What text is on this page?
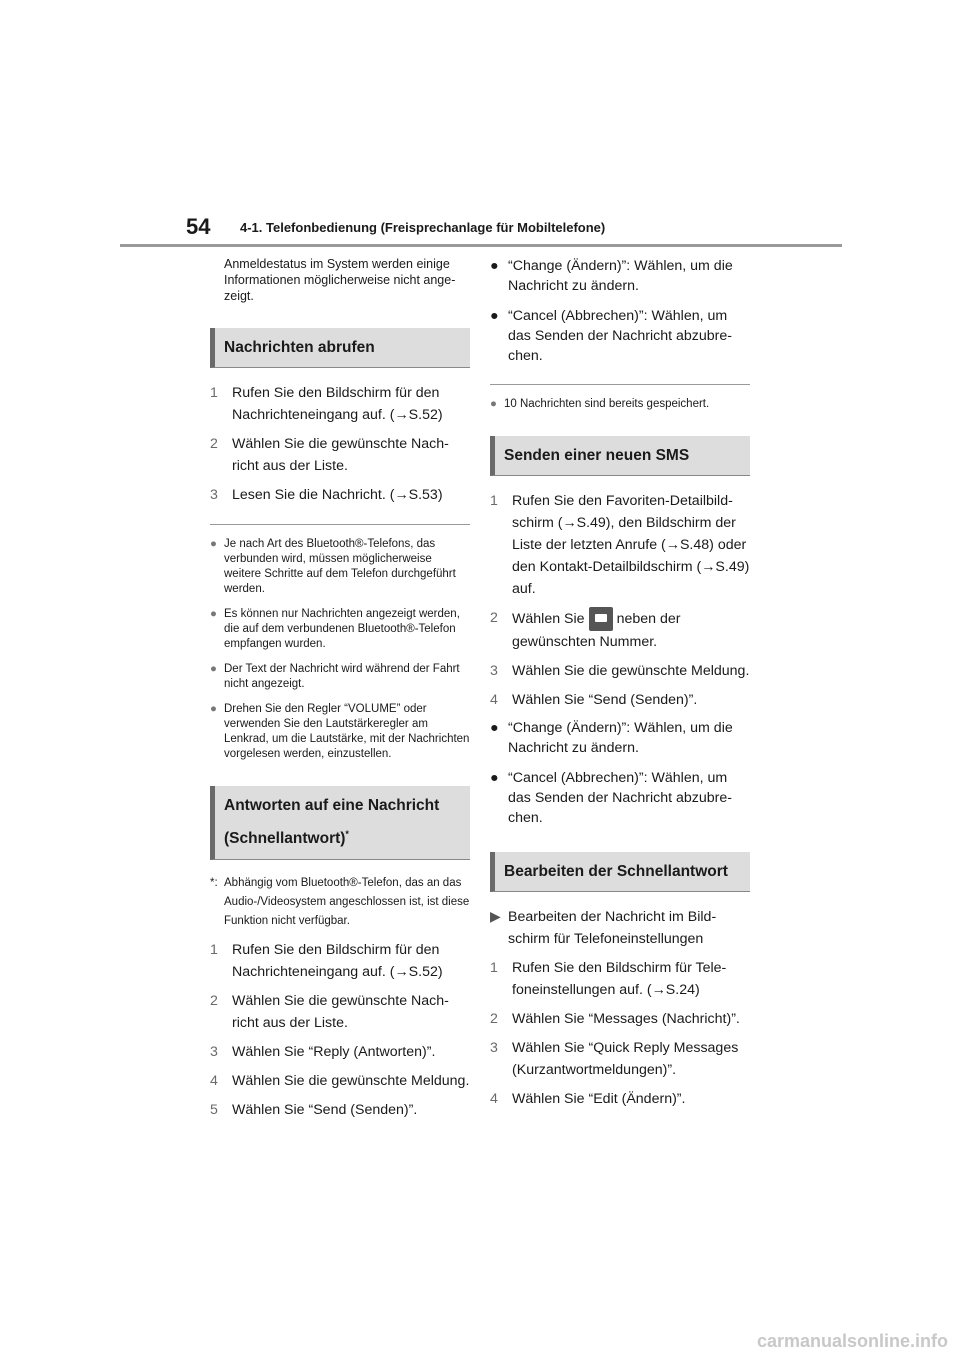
54 4-1. Telefonbedienung (Freisprechanlage für Mobiltelefone)

Anmeldestatus im System werden einige Informationen möglicherweise nicht angezeigt.

Nachrichten abrufen
1 Rufen Sie den Bildschirm für den Nachrichteneingang auf. (→S.52)
2 Wählen Sie die gewünschte Nachricht aus der Liste.
3 Lesen Sie die Nachricht. (→S.53)
● Je nach Art des Bluetooth®-Telefons, das verbunden wird, müssen möglicherweise weitere Schritte auf dem Telefon durchgeführt werden.
● Es können nur Nachrichten angezeigt werden, die auf dem verbundenen Bluetooth®-Telefon empfangen wurden.
● Der Text der Nachricht wird während der Fahrt nicht angezeigt.
● Drehen Sie den Regler “VOLUME” oder verwenden Sie den Lautstärkeregler am Lenkrad, um die Lautstärke, mit der Nachrichten vorgelesen werden, einzustellen.
Antworten auf eine Nachricht
(Schnellantwort)*
*: Abhängig vom Bluetooth®-Telefon, das an das Audio-/Videosystem angeschlossen ist, ist diese Funktion nicht verfügbar.
1 Rufen Sie den Bildschirm für den Nachrichteneingang auf. (→S.52)
2 Wählen Sie die gewünschte Nachricht aus der Liste.
3 Wählen Sie “Reply (Antworten)”.
4 Wählen Sie die gewünschte Meldung.
5 Wählen Sie “Send (Senden)”.
● “Change (Ändern)”: Wählen, um die Nachricht zu ändern.
● “Cancel (Abbrechen)”: Wählen, um das Senden der Nachricht abzubrechen.
● 10 Nachrichten sind bereits gespeichert.
Senden einer neuen SMS
1 Rufen Sie den Favoriten-Detailbildschirm (→S.49), den Bildschirm der Liste der letzten Anrufe (→S.48) oder den Kontakt-Detailbildschirm (→S.49) auf.
2 Wählen Sie neben der gewünschten Nummer.
3 Wählen Sie die gewünschte Meldung.
4 Wählen Sie “Send (Senden)”.
● “Change (Ändern)”: Wählen, um die Nachricht zu ändern.
● “Cancel (Abbrechen)”: Wählen, um das Senden der Nachricht abzubrechen.
Bearbeiten der Schnellantwort
▶ Bearbeiten der Nachricht im Bildschirm für Telefoneinstellungen
1 Rufen Sie den Bildschirm für Telefoneinstellungen auf. (→S.24)
2 Wählen Sie “Messages (Nachricht)”.
3 Wählen Sie “Quick Reply Messages (Kurzantwortmeldungen)”.
4 Wählen Sie “Edit (Ändern)”.
carmanualsonline.info
